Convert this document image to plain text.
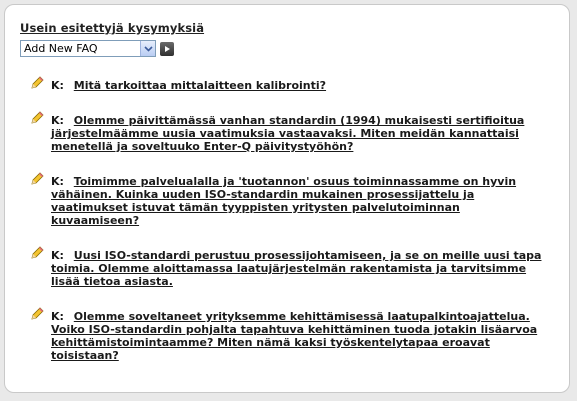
Usein esitettyjä kysymyksiä
Add New FAQ
K: Mitä tarkoittaa mittalaitteen kalibrointi?
K: Olemme päivittämässä vanhan standardin (1994) mukaisesti sertifioitua järjestelmäämme uusia vaatimuksia vastaavaksi. Miten meidän kannattaisi menetellä ja soveltuuko Enter-Q päivitystyöhön?
K: Toimimme palvelualalla ja 'tuotannon' osuus toiminnassamme on hyvin vähäinen. Kuinka uuden ISO-standardin mukainen prosessijattelu ja vaatimukset istuvat tämän tyyppisten yritysten palvelutoiminnan kuvaamiseen?
K: Uusi ISO-standardi perustuu prosessijohtamiseen, ja se on meille uusi tapa toimia. Olemme aloittamassa laatujärjestelmän rakentamista ja tarvitsimme lisää tietoa asiasta.
K: Olemme soveltaneet yrityksemme kehittämisessä laatupalkintoajattelua. Voiko ISO-standardin pohjalta tapahtuva kehittäminen tuoda jotakin lisäarvoa kehittämistoimintaamme? Miten nämä kaksi työskentelytapaa eroavat toisistaan?
